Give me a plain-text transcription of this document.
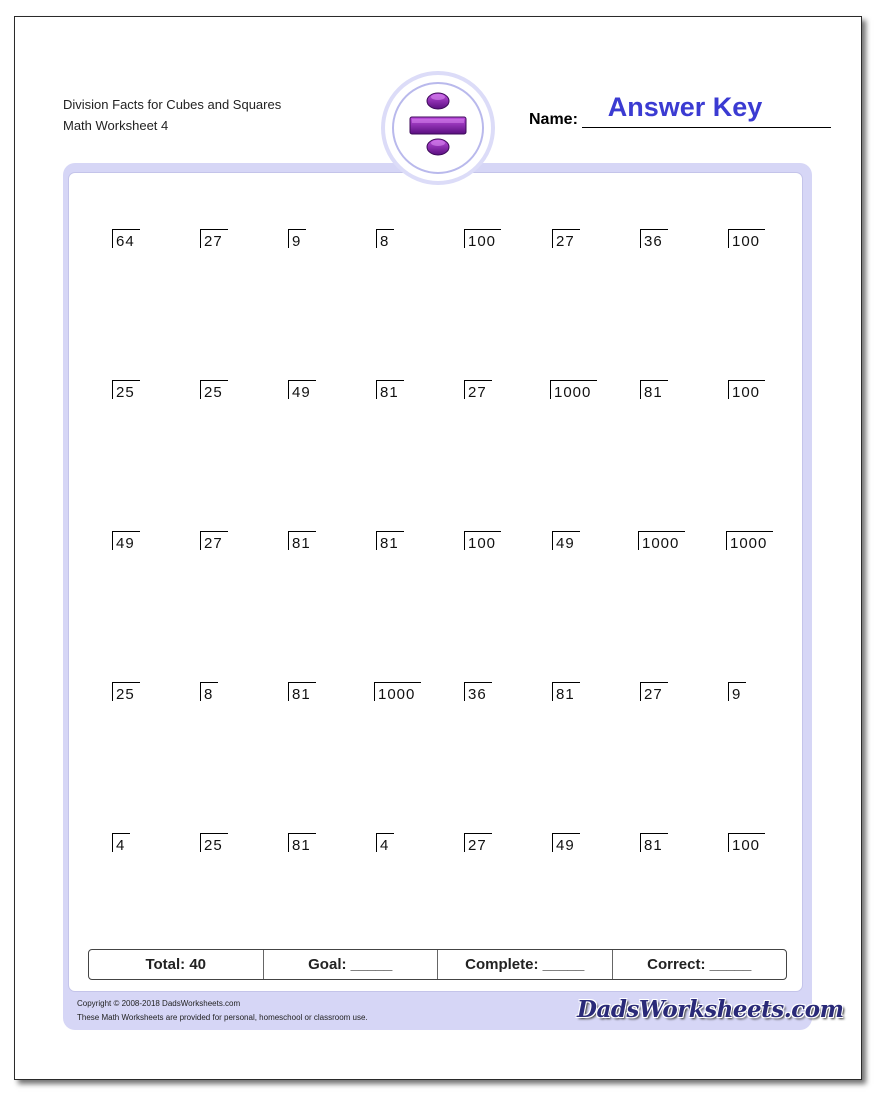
Division Facts for Cubes and Squares
Math Worksheet 4	Name:	Answer Key
64	27	9	8	100	27	36	100
25	25	49	81	27	1000	81	100
49	27	81	81	100	49	1000	1000
25	8	81	1000	36	81	27	9
4	25	81	4	27	49	81	100
Total: 40	Goal: _____	Complete: _____	Correct: _____
Copyright © 2008-2018 DadsWorksheets.com
These Math Worksheets are provided for personal, homeschool or classroom use.	DadsWorksheets.com
